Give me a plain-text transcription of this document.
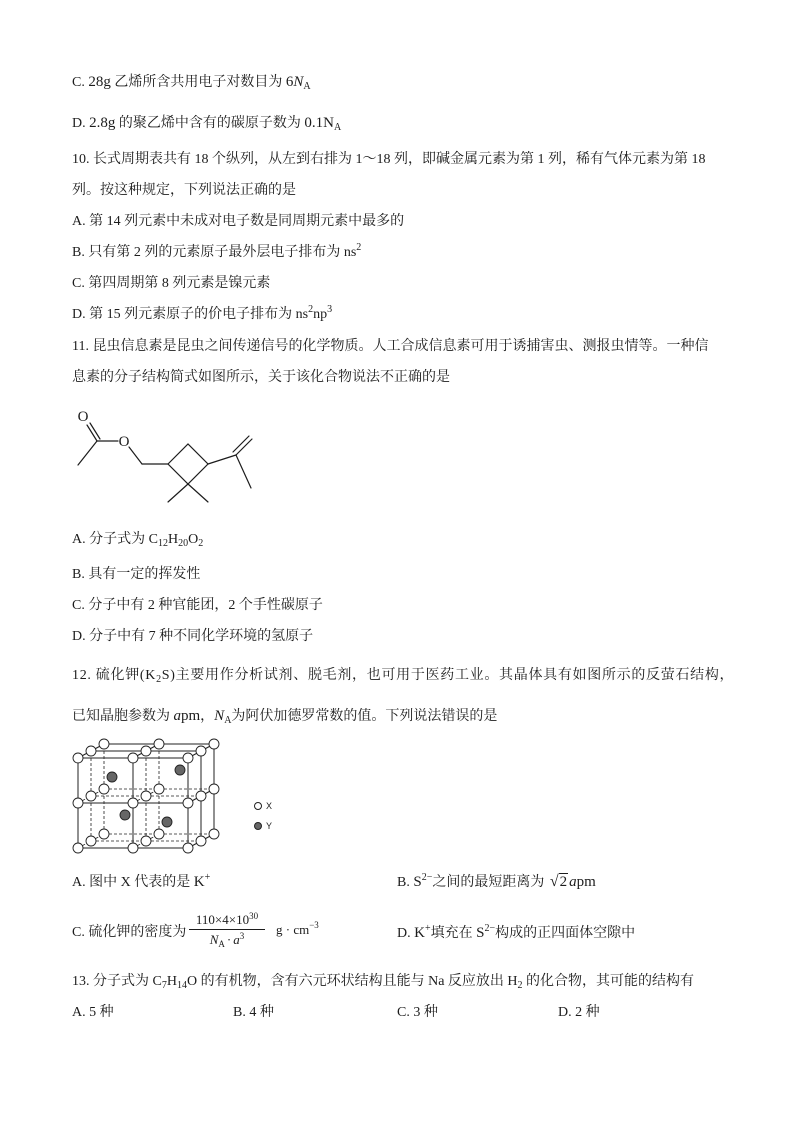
C. 28g 乙烯所含共用电子对数目为 $6N_A$
D. 2.8g 的聚乙烯中含有的碳原子数为 $0.1N_A$
10. 长式周期表共有 18 个纵列，从左到右排为 1～18 列，即碱金属元素为第 1 列，稀有气体元素为第 18
列。按这种规定，下列说法正确的是
A. 第 14 列元素中未成对电子数是同周期元素中最多的
B. 只有第 2 列的元素原子最外层电子排布为 $ns^2$
C. 第四周期第 8 列元素是镍元素
D. 第 15 列元素原子的价电子排布为 $ns^2np^3$
11. 昆虫信息素是昆虫之间传递信号的化学物质。人工合成信息素可用于诱捕害虫、测报虫情等。一种信
息素的分子结构简式如图所示，关于该化合物说法不正确的是
O
O
A. 分子式为 $C_{12}H_{20}O_2$
B. 具有一定的挥发性
C. 分子中有 2 种官能团，2 个手性碳原子
D. 分子中有 7 种不同化学环境的氢原子
12. 硫化钾$(K_2S)$主要用作分析试剂、脱毛剂，也可用于医药工业。其晶体具有如图所示的反萤石结构，
已知晶胞参数为 apm，$N_A$为阿伏加德罗常数的值。下列说法错误的是
X
Y
A. 图中 X 代表的是 K+	B. $S^{2-}$之间的最短距离为 √2 apm
C. 硫化钾的密度为 $\frac{110\times 4\times 10^{30}}{N_A \cdot a^3}$ $g \cdot cm^{-3}$
D. K+填充在 $S^{2-}$构成的正四面体空隙中
13. 分子式为 $C_7H_{14}O$ 的有机物，含有六元环状结构且能与 Na 反应放出 $H_2$ 的化合物，其可能的结构有
A. 5 种	B. 4 种	C. 3 种	D. 2 种
